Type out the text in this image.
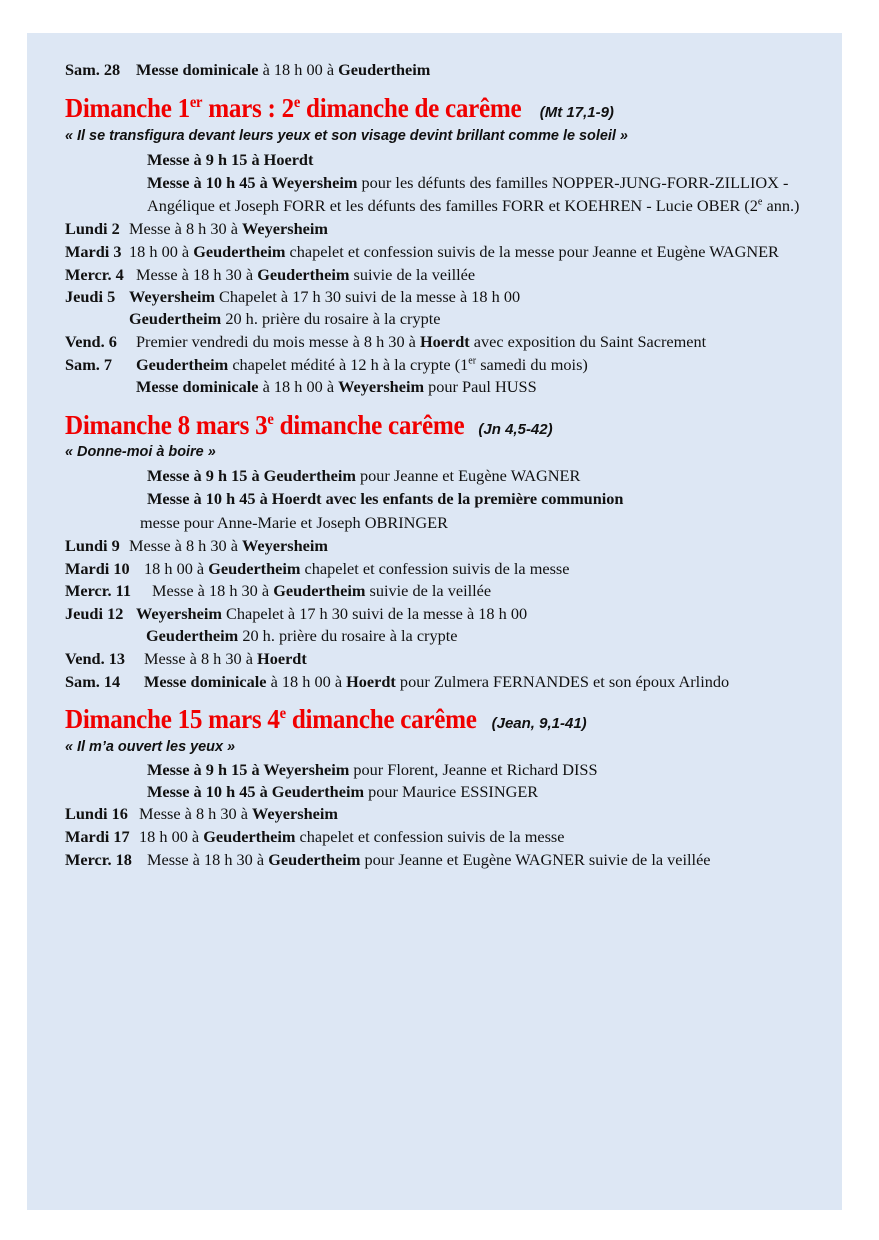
Sam. 28 Messe dominicale à 18 h 00 à Geudertheim
Dimanche 1er mars : 2e dimanche de carême (Mt 17,1-9)
« Il se transfigura devant leurs yeux et son visage devint brillant comme le soleil »
Messe à 9 h 15 à Hoerdt
Messe à 10 h 45 à Weyersheim pour les défunts des familles NOPPER-JUNG-FORR-ZILLIOX - Angélique et Joseph FORR et les défunts des familles FORR et KOEHREN - Lucie OBER (2e ann.)
Lundi 2 Messe à 8 h 30 à Weyersheim
Mardi 3 18 h 00 à Geudertheim chapelet et confession suivis de la messe pour Jeanne et Eugène WAGNER
Mercr. 4 Messe à 18 h 30 à Geudertheim suivie de la veillée
Jeudi 5 Weyersheim Chapelet à 17 h 30 suivi de la messe à 18 h 00
Geudertheim 20 h. prière du rosaire à la crypte
Vend. 6	Premier vendredi du mois messe à 8 h 30 à Hoerdt avec exposition du Saint Sacrement
Sam. 7	Geudertheim chapelet médité à 12 h à la crypte (1er samedi du mois)
Messe dominicale à 18 h 00 à Weyersheim pour Paul HUSS
Dimanche 8 mars 3e dimanche carême (Jn 4,5-42)
« Donne-moi à boire »
Messe à 9 h 15 à Geudertheim pour Jeanne et Eugène WAGNER
Messe à 10 h 45 à Hoerdt avec les enfants de la première communion
messe pour Anne-Marie et Joseph OBRINGER
Lundi 9 Messe à 8 h 30 à Weyersheim
Mardi 10 18 h 00 à Geudertheim chapelet et confession suivis de la messe
Mercr. 11	Messe à 18 h 30 à Geudertheim suivie de la veillée
Jeudi 12 Weyersheim Chapelet à 17 h 30 suivi de la messe à 18 h 00
Geudertheim 20 h. prière du rosaire à la crypte
Vend. 13	Messe à 8 h 30 à Hoerdt
Sam. 14	Messe dominicale à 18 h 00 à Hoerdt pour Zulmera FERNANDES et son époux Arlindo
Dimanche 15 mars 4e dimanche carême (Jean, 9,1-41)
« Il m’a ouvert les yeux »
Messe à 9 h 15 à Weyersheim pour Florent, Jeanne et Richard DISS
Messe à 10 h 45 à Geudertheim pour Maurice ESSINGER
Lundi 16 Messe à 8 h 30 à Weyersheim
Mardi 17 18 h 00 à Geudertheim chapelet et confession suivis de la messe
Mercr. 18 Messe à 18 h 30 à Geudertheim pour Jeanne et Eugène WAGNER suivie de la veillée
